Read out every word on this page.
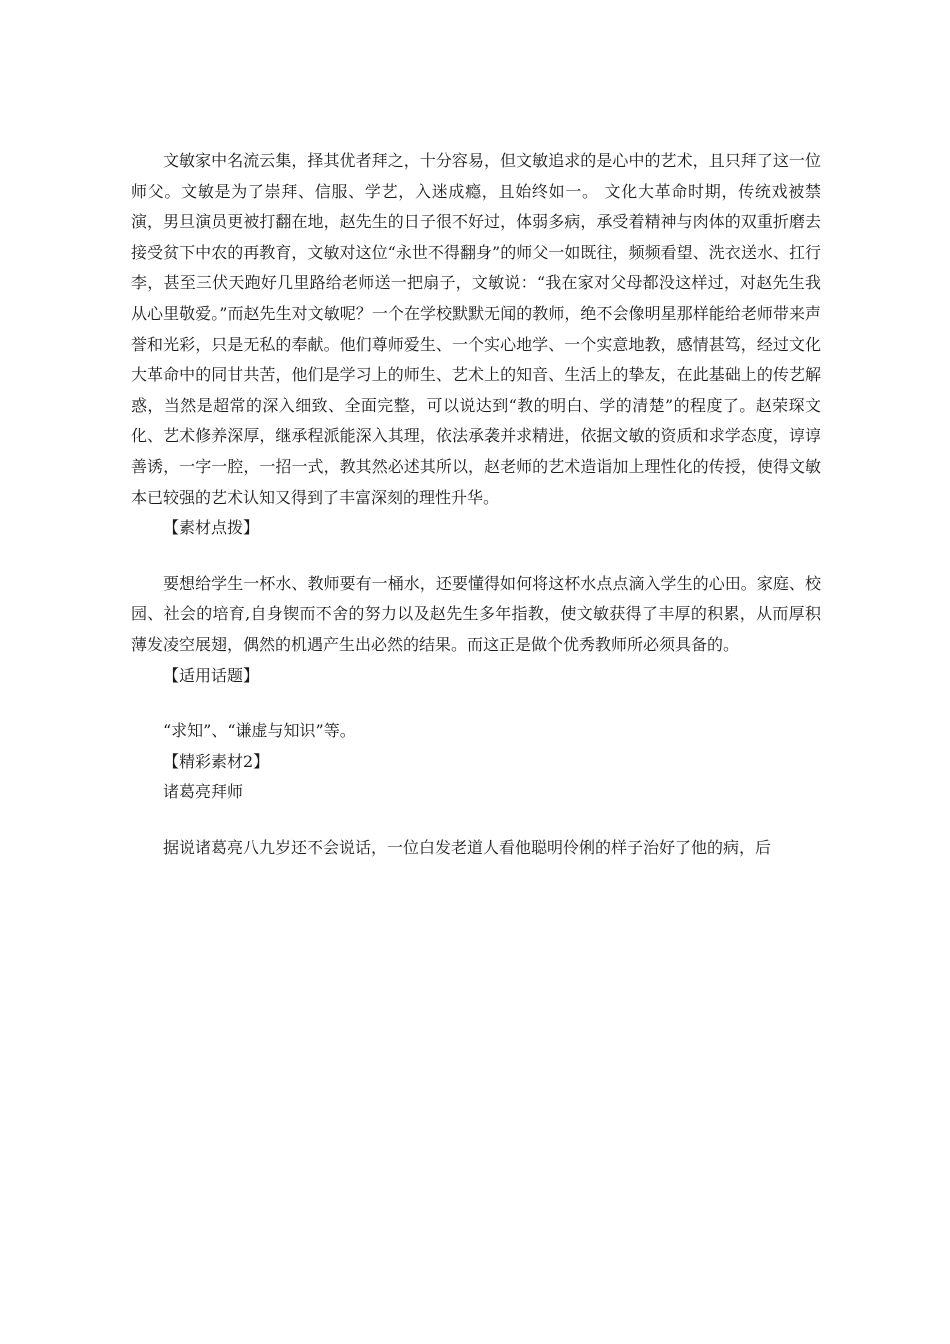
文敏家中名流云集，择其优者拜之，十分容易，但文敏追求的是心中的艺术，且只拜了这一位师父。文敏是为了崇拜、信服、学艺，入迷成瘾，且始终如一。 文化大革命时期，传统戏被禁演，男旦演员更被打翻在地，赵先生的日子很不好过，体弱多病，承受着精神与肉体的双重折磨去接受贫下中农的再教育，文敏对这位“永世不得翻身”的师父一如既往，频频看望、洗衣送水、扛行李，甚至三伏天跑好几里路给老师送一把扇子，文敏说：“我在家对父母都没这样过，对赵先生我从心里敬爱。”而赵先生对文敏呢？一个在学校默默无闻的教师，绝不会像明星那样能给老师带来声誉和光彩，只是无私的奉献。他们尊师爱生、一个实心地学、一个实意地教，感情甚笃，经过文化大革命中的同甘共苦，他们是学习上的师生、艺术上的知音、生活上的挚友，在此基础上的传艺解惑，当然是超常的深入细致、全面完整，可以说达到“教的明白、学的清楚”的程度了。赵荣琛文化、艺术修养深厚，继承程派能深入其理，依法承袭并求精进，依据文敏的资质和求学态度，谆谆善诱，一字一腔，一招一式，教其然必述其所以，赵老师的艺术造诣加上理性化的传授，使得文敏本已较强的艺术认知又得到了丰富深刻的理性升华。

【素材点拨】

要想给学生一杯水、教师要有一桶水，还要懂得如何将这杯水点点滴入学生的心田。家庭、校园、社会的培育,自身锲而不舍的努力以及赵先生多年指教，使文敏获得了丰厚的积累，从而厚积薄发凌空展翅，偶然的机遇产生出必然的结果。而这正是做个优秀教师所必须具备的。

【适用话题】

“求知”、“谦虚与知识”等。

【精彩素材2】

诸葛亮拜师

据说诸葛亮八九岁还不会说话，一位白发老道人看他聪明伶俐的样子治好了他的病，后
